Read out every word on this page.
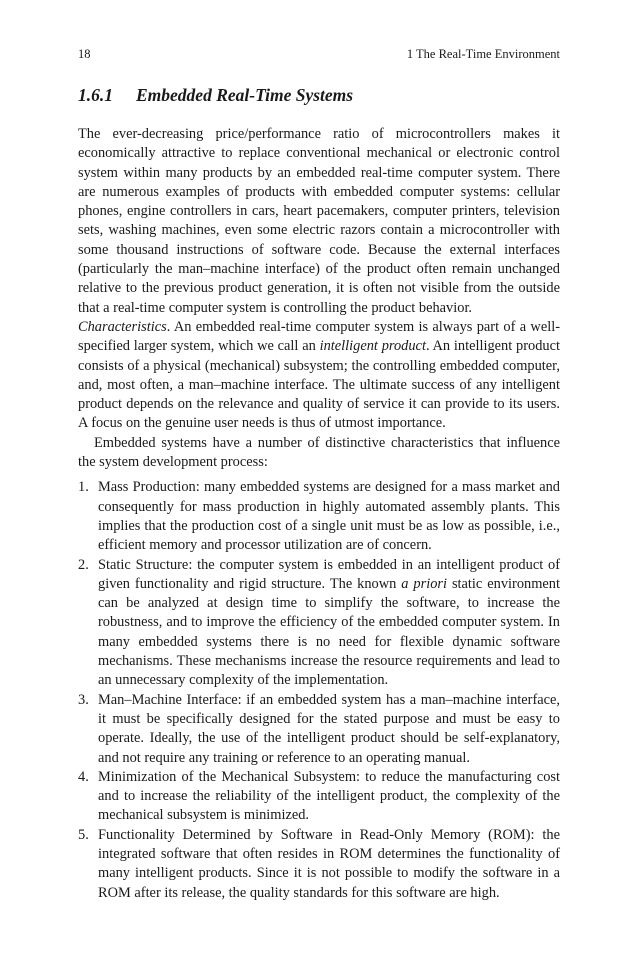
18	1 The Real-Time Environment
1.6.1	Embedded Real-Time Systems

The ever-decreasing price/performance ratio of microcontrollers makes it economically attractive to replace conventional mechanical or electronic control system within many products by an embedded real-time computer system. There are numerous examples of products with embedded computer systems: cellular phones, engine controllers in cars, heart pacemakers, computer printers, television sets, washing machines, even some electric razors contain a microcontroller with some thousand instructions of software code. Because the external interfaces (particularly the man–machine interface) of the product often remain unchanged relative to the previous product generation, it is often not visible from the outside that a real-time computer system is controlling the product behavior.

Characteristics. An embedded real-time computer system is always part of a well-specified larger system, which we call an intelligent product. An intelligent product consists of a physical (mechanical) subsystem; the controlling embedded computer, and, most often, a man–machine interface. The ultimate success of any intelligent product depends on the relevance and quality of service it can provide to its users. A focus on the genuine user needs is thus of utmost importance.

Embedded systems have a number of distinctive characteristics that influence the system development process:

1. Mass Production: many embedded systems are designed for a mass market and consequently for mass production in highly automated assembly plants. This implies that the production cost of a single unit must be as low as possible, i.e., efficient memory and processor utilization are of concern.
2. Static Structure: the computer system is embedded in an intelligent product of given functionality and rigid structure. The known a priori static environment can be analyzed at design time to simplify the software, to increase the robustness, and to improve the efficiency of the embedded computer system. In many embedded systems there is no need for flexible dynamic software mechanisms. These mechanisms increase the resource requirements and lead to an unnecessary complexity of the implementation.
3. Man–Machine Interface: if an embedded system has a man–machine interface, it must be specifically designed for the stated purpose and must be easy to operate. Ideally, the use of the intelligent product should be self-explanatory, and not require any training or reference to an operating manual.
4. Minimization of the Mechanical Subsystem: to reduce the manufacturing cost and to increase the reliability of the intelligent product, the complexity of the mechanical subsystem is minimized.
5. Functionality Determined by Software in Read-Only Memory (ROM): the integrated software that often resides in ROM determines the functionality of many intelligent products. Since it is not possible to modify the software in a ROM after its release, the quality standards for this software are high.
